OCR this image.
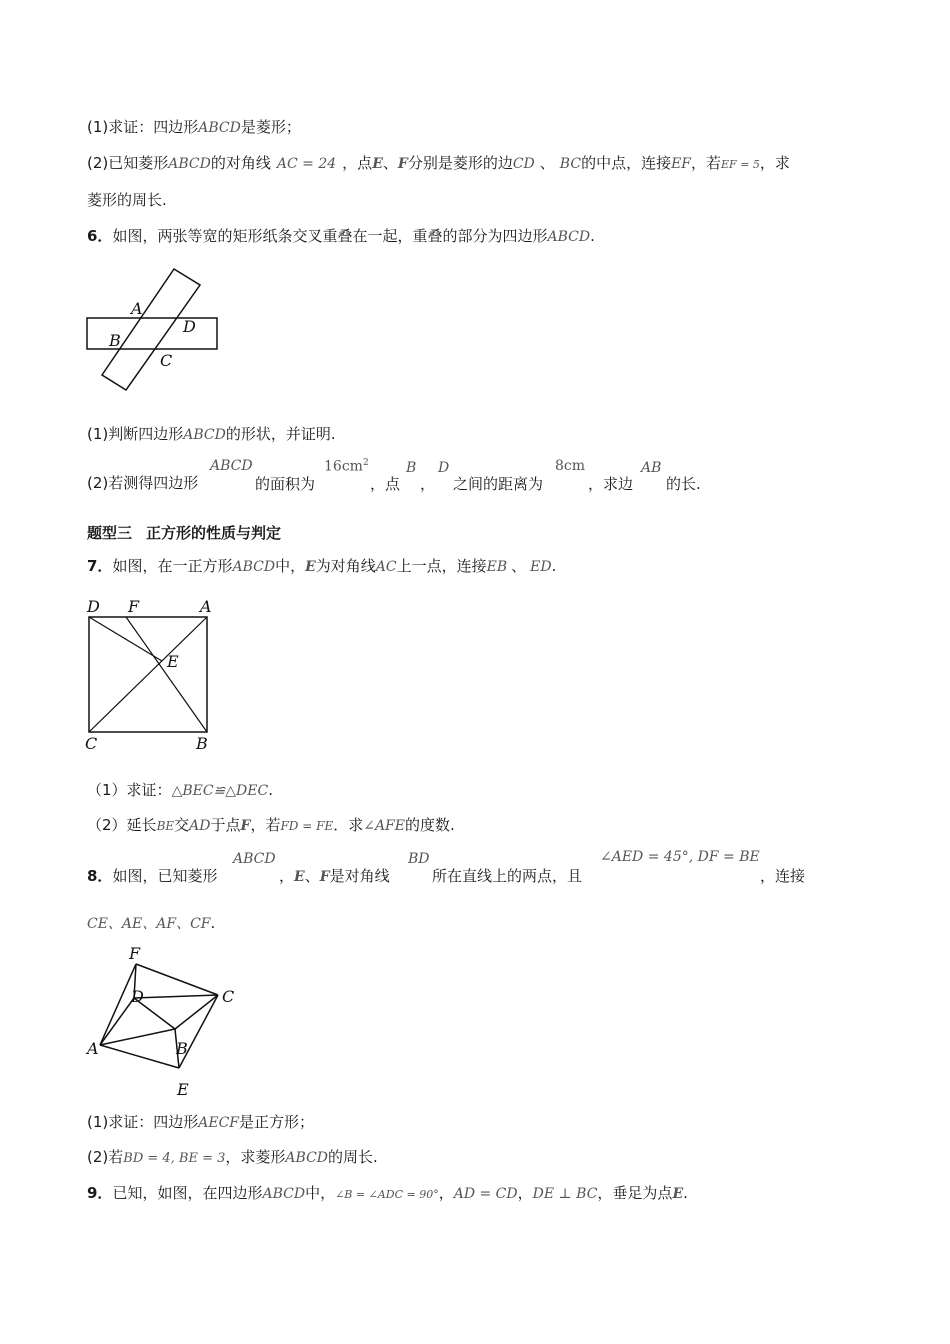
(1)求证：四边形ABCD是菱形；
(2)已知菱形ABCD的对角线 AC = 24 ，点E、F分别是菱形的边CD 、 BC的中点，连接EF，若EF = 5，求
菱形的周长.
6．如图，两张等宽的矩形纸条交叉重叠在一起，重叠的部分为四边形ABCD.
A
B
C
D
(1)判断四边形ABCD的形状，并证明.
(2)若测得四边形
ABCD
的面积为
$16cm^2$
，点
B
，
D
之间的距离为
8cm
，求边
AB
的长.
题型三 正方形的性质与判定
7．如图，在一正方形ABCD中，E为对角线AC上一点，连接EB 、 ED.
D F	A
E
C	B
（1）求证：△BEC≌△DEC.
（2）延长BE交AD于点F，若FD = FE．求∠AFE的度数.
8．如图，已知菱形
ABCD
，E、F是对角线
BD
所在直线上的两点，且
∠AED = 45°, DF = BE
，连接
CE、AE、AF、CF.
F
D	C
A	B
E
(1)求证：四边形AECF是正方形；
(2)若BD = 4, BE = 3，求菱形ABCD的周长.
9．已知，如图，在四边形ABCD中，∠B = ∠ADC = 90°，AD = CD，DE ⊥ BC，垂足为点E.
